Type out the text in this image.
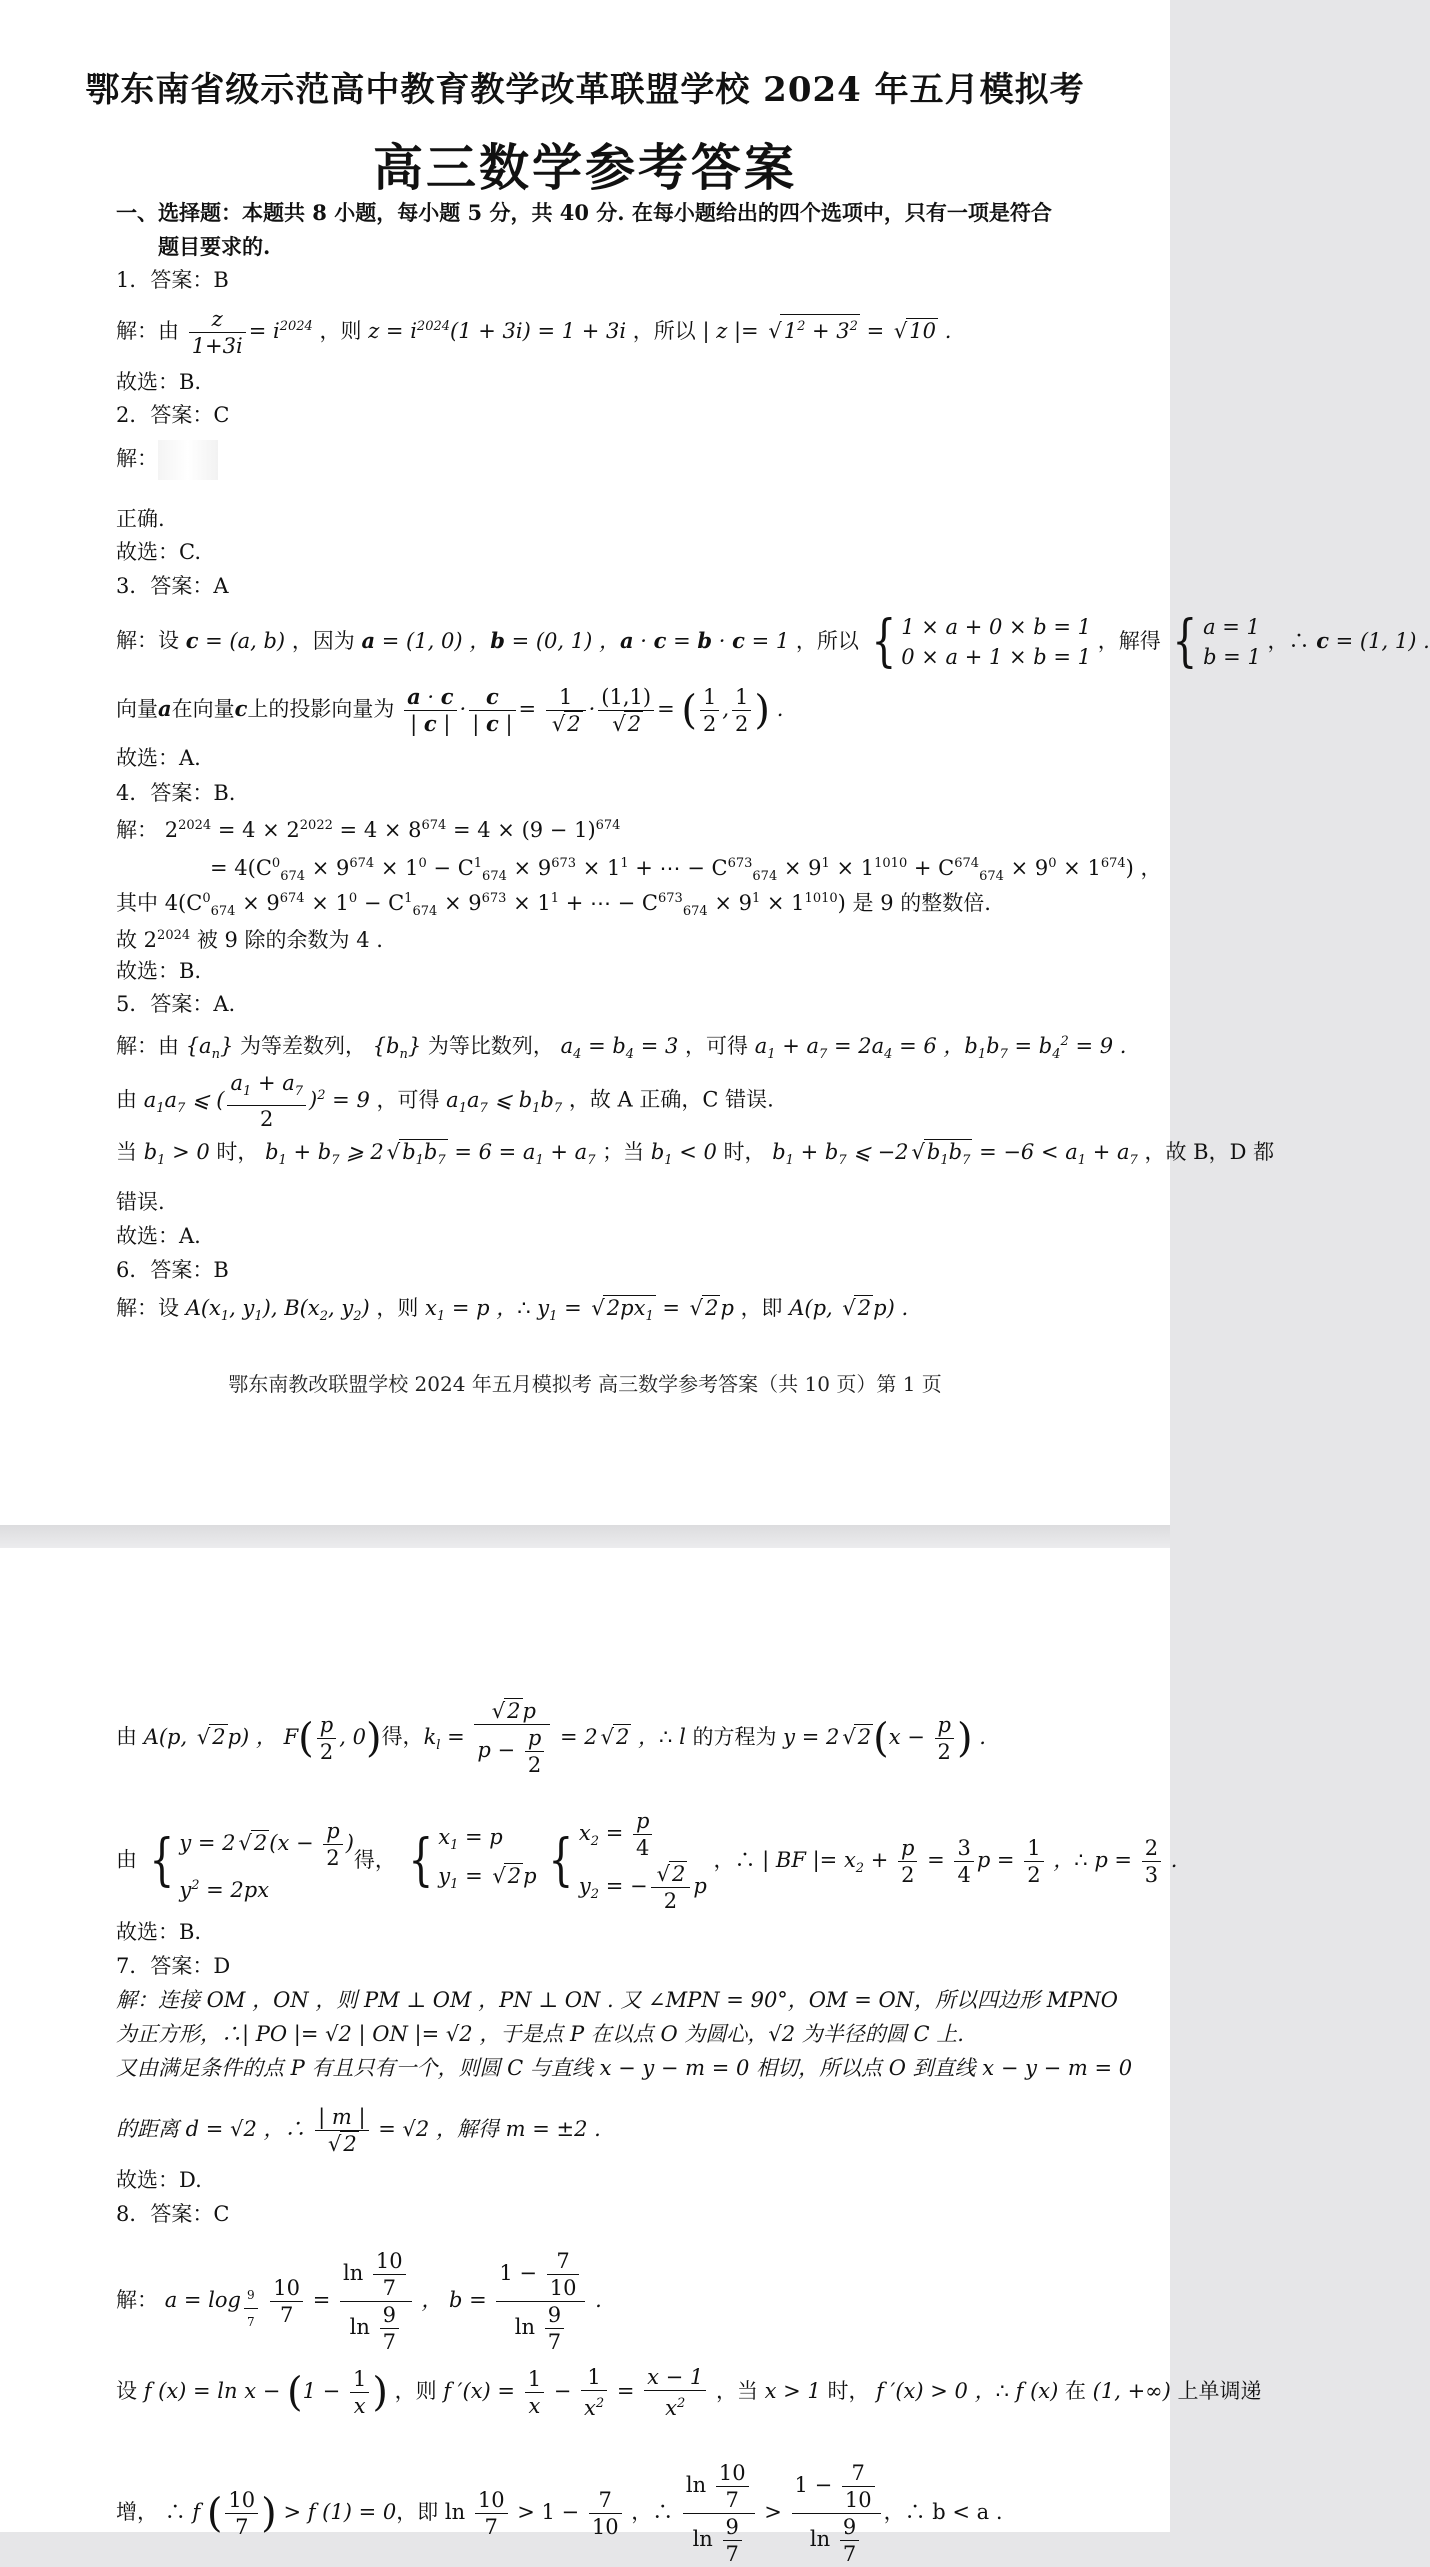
鄂东南省级示范高中教育教学改革联盟学校 2024 年五月模拟考
高三数学参考答案
一、选择题：本题共 8 小题，每小题 5 分，共 40 分. 在每小题给出的四个选项中，只有一项是符合
题目要求的.
1．答案：B
解：由 $\frac{z}{1+3i} = i^{2024}$ ，则 $z = i^{2024}(1 + 3i) = 1 + 3i$ ，所以 | z |= √ $1^2 + 3^2$ = √ 10 .
故选：B.
2．答案：C
解：
正确.
故选：C.
3．答案：A
解：设 c = (a, b) ，因为 a = (1, 0) ，b = (0, 1) ，a · c = b · c = 1 ，所以 { 1 × a + 0 × b = 1
0 × a + 1 × b = 1 ，解得 { a = 1
b = 1 ，∴ c = (1, 1) .
向量a在向量c上的投影向量为 $\frac{a \cdot c}{| c |} \cdot \frac{c}{| c |} = 1$
√ 2 · (1,1)
√ 2 = ( $\frac{1}{2}$ , $\frac{1}{2}$ ) .
故选：A.
4．答案：B.
解： $2^{2024} = 4 \times 2^{2022} = 4 \times 8^{674} = 4 \times (9 - 1)^{674}$
= $4(C^0_{674} \times 9^{674} \times 1^0 - C^1_{674} \times 9^{673} \times 1^1$ + ⋯ − $C^{673}_{674} \times 9^1 \times 1^{1010} + C^{674}_{674} \times 9^0 \times 1^{674}$) ，
其中 $4(C^0_{674} \times 9^{674} \times 1^0 - C^1_{674} \times 9^{673} \times 1^1$ + ⋯ − $C^{673}_{674} \times 9^1 \times 1^{1010}$) 是 9 的整数倍.
故 $2^{2024}$ 被 9 除的余数为 4 .
故选：B.
5．答案：A.
解：由 $\{a_n\}$ 为等差数列， $\{b_n\}$ 为等比数列， $a_4 = b_4 = 3$ ，可得 $a_1 + a_7 = 2a_4 = 6$ ，$b_1b_7 = b_4^2 = 9$ .
由 $a_1a_7$ ⩽ ( $\frac{a_1 + a_7}{2} )^2 = 9$ ，可得 $a_1a_7$ ⩽ $b_1b_7$ ，故 A 正确，C 错误.
当 $b_1 > 0$ 时， $b_1 + b_7$ ⩾ 2√ $b_1b_7 = 6 = a_1 + a_7$ ；当 $b_1 < 0$ 时， $b_1 + b_7$ ⩽ −2√ $b_1b_7 = -6 < a_1 + a_7$ ，故 B，D 都
错误.
故选：A.
6．答案：B
解：设 $A(x_1$, $y_1$), $B(x_2$, $y_2$) ，则 $x_1 = p$ ，∴ $y_1$ = √ $2px_1$ = √ 2p ，即 A(p, √ 2p) .
鄂东南教改联盟学校 2024 年五月模拟考 高三数学参考答案（共 10 页）第 1 页
由 A(p, √ 2p) ， $F( \frac{p}{2}$ , 0)得，$k_l$ =
√ $\frac{2p}{p - \frac{p}{2}} = 2√$ 2 ，∴ l 的方程为 y = 2√ $2(x - \frac{p}{2}$ ) .
由 { y = 2√ $2(x - \frac{p}{2}$ )
$y^2 = 2px$得， { $x_1 = p$
$y_1$ = √ 2p { $x_2 = \frac{p}{4}$

$y_2$ = −
√ $\frac{2}{2}$ p ，∴ | BF |= $x_2 + \frac{p}{2} = \frac{3}{4}$ $p = \frac{1}{2}$ ，∴ $p = \frac{2}{3}$ .
故选：B.
7．答案：D
解：连接 OM ，ON ，则 PM ⊥ OM ，PN ⊥ ON . 又 ∠MPN = 90°，OM = ON，所以四边形 MPNO
为正方形，∴| PO |= √2 | ON |= √2 ，于是点 P 在以点 O 为圆心，√2 为半径的圆 C 上.
又由满足条件的点 P 有且只有一个，则圆 C 与直线 x − y − m = 0 相切，所以点 O 到直线 x − y − m = 0
的距离 d = √2 ，∴ | m |
√ 2 = √2 ，解得 m = ±2 .
故选：D.
8．答案：C
解： a = log $_{\frac{9}{7}}$
$\frac{10}{7} = \frac{\ln \frac{10}{7}}{\ln \frac{9}{7}}$ ， $b = \frac{1 - \frac{7}{10}}{\ln \frac{9}{7}}$ .
设 f $(x) = \ln x - (1 - \frac{1}{x}$ ) ，则 f $'(x) = \frac{1}{x} - \frac{1}{x^2} = \frac{x - 1}{x^2}$ ，当 x > 1 时， f ′(x) > 0 ，∴ f (x) 在 (1, +∞) 上单调递
增， ∴ f ( $\frac{10}{7}$ ) > f (1) = 0，即 $\ln \frac{10}{7} > 1 - \frac{7}{10}$ ，∴ $\frac{\ln \frac{10}{7}}{\ln \frac{9}{7}} > \frac{1 - \frac{7}{10}}{\ln \frac{9}{7}}$ ，∴ b < a .
